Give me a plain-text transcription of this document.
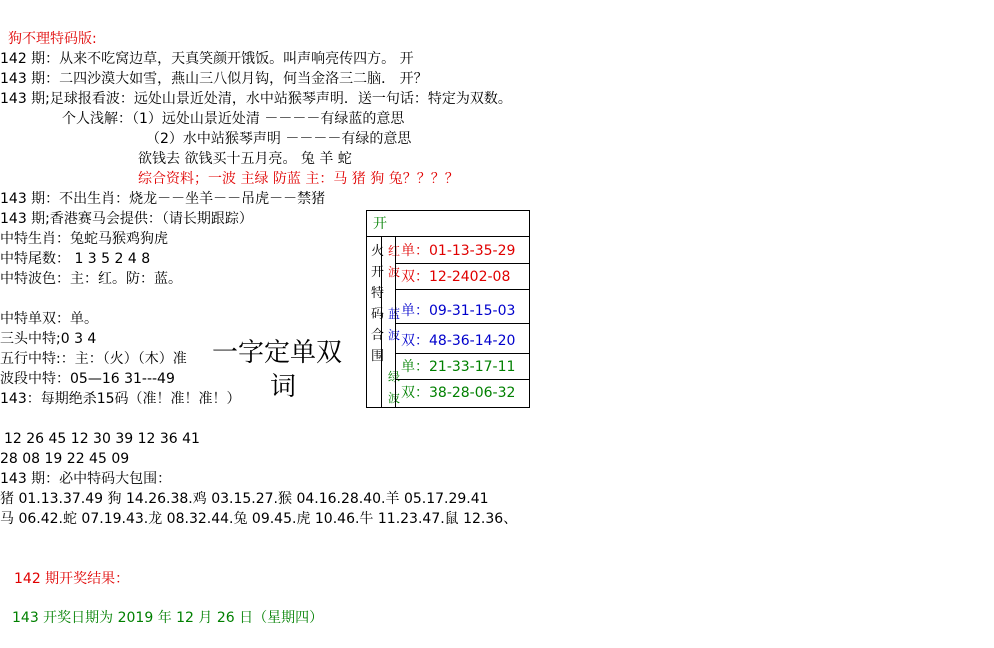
狗不理特码版:
142 期：从来不吃窝边草，天真笑颜开饿饭。叫声响亮传四方。 开
143 期：二四沙漠大如雪，燕山三八似月钩，何当金洛三二脑． 开？
143 期;足球报看波：远处山景近处清，水中站猴琴声明．送一句话：特定为双数。
个人浅解：（1）远处山景近处清 －－－－有绿蓝的意思
（2）水中站猴琴声明 －－－－有绿的意思
欲钱去 欲钱买十五月亮。 兔 羊 蛇
综合资料；一波 主绿 防蓝 主：马 猪 狗 兔？？？？
143 期：不出生肖：烧龙－－坐羊－－吊虎－－禁猪
143 期;香港赛马会提供：（请长期跟踪）
中特生肖：兔蛇马猴鸡狗虎
中特尾数： 1 3 5 2 4 8
中特波色：主：红。防：蓝。
中特单双：单。
三头中特;0 3 4
五行中特:：主：（火）（木）准
波段中特：05—16 31---49
143：每期绝杀15码（准！准！准！）
12 26 45 12 30 39 12 36 41
28 08 19 22 45 09
143 期：必中特码大包围：
猪 01.13.37.49 狗 14.26.38.鸡 03.15.27.猴 04.16.28.40.羊 05.17.29.41
马 06.42.蛇 07.19.43.龙 08.32.44.兔 09.45.虎 10.46.牛 11.23.47.鼠 12.36、
一字定单双
词
开
火
开
特
码
合
围
红
波

蓝
波

绿
波
单：01-13-35-29
双：12-2402-08
单：09-31-15-03
双：48-36-14-20
单：21-33-17-11
双：38-28-06-32
142 期开奖结果：
143 开奖日期为 2019 年 12 月 26 日（星期四）
